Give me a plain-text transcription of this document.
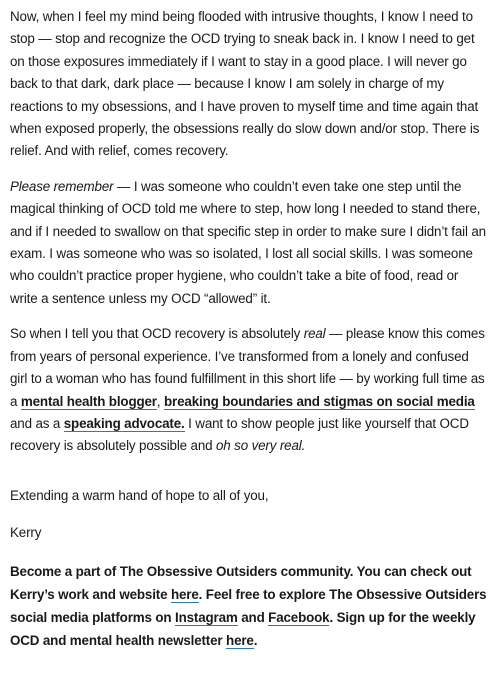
Now, when I feel my mind being flooded with intrusive thoughts, I know I need to stop — stop and recognize the OCD trying to sneak back in. I know I need to get on those exposures immediately if I want to stay in a good place. I will never go back to that dark, dark place — because I know I am solely in charge of my reactions to my obsessions, and I have proven to myself time and time again that when exposed properly, the obsessions really do slow down and/or stop. There is relief. And with relief, comes recovery.

Please remember — I was someone who couldn’t even take one step until the magical thinking of OCD told me where to step, how long I needed to stand there, and if I needed to swallow on that specific step in order to make sure I didn’t fail an exam. I was someone who was so isolated, I lost all social skills. I was someone who couldn’t practice proper hygiene, who couldn’t take a bite of food, read or write a sentence unless my OCD “allowed” it.

So when I tell you that OCD recovery is absolutely real — please know this comes from years of personal experience. I’ve transformed from a lonely and confused girl to a woman who has found fulfillment in this short life — by working full time as a mental health blogger, breaking boundaries and stigmas on social media and as a speaking advocate. I want to show people just like yourself that OCD recovery is absolutely possible and oh so very real.

Extending a warm hand of hope to all of you,

Kerry

Become a part of The Obsessive Outsiders community. You can check out Kerry’s work and website here. Feel free to explore The Obsessive Outsiders social media platforms on Instagram and Facebook. Sign up for the weekly OCD and mental health newsletter here.
